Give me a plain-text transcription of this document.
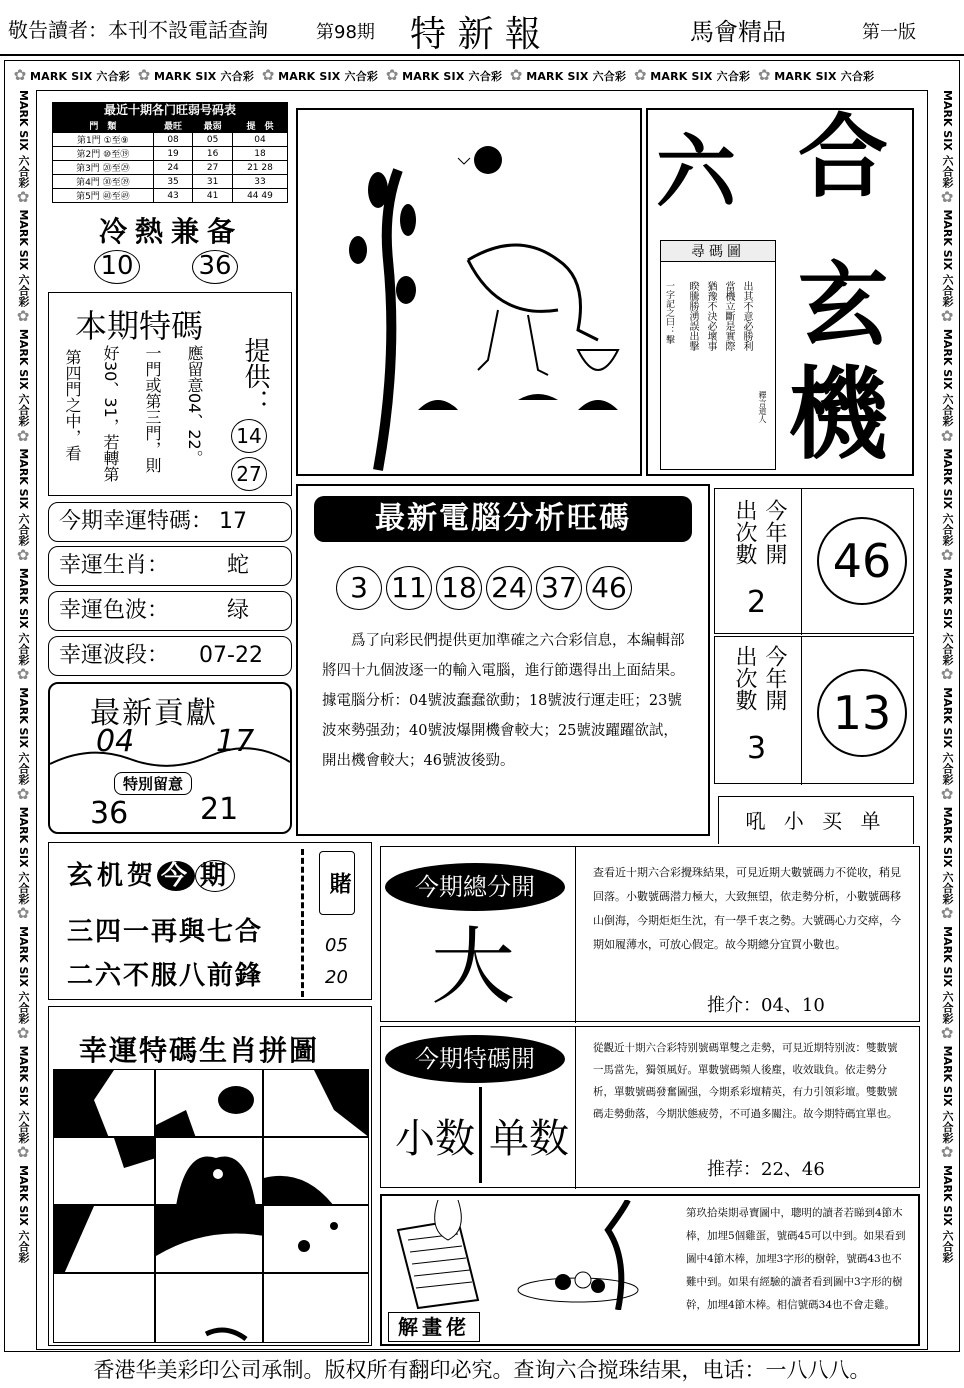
敬告讀者：本刊不設電話查詢	第98期 特 新 報	馬會精品	第一版
✿ MARK SIX 六合彩 ✿ MARK SIX 六合彩 ✿ MARK SIX 六合彩 ✿ MARK SIX 六合彩 ✿ MARK SIX 六合彩 ✿ MARK SIX 六合彩 ✿ MARK SIX 六合彩
MARK SIX 六合彩✿ MARK SIX 六合彩✿ MARK SIX 六合彩✿ MARK SIX 六合彩✿ MARK SIX 六合彩✿ MARK SIX 六合彩✿ MARK SIX 六合彩✿ MARK SIX 六合彩✿ MARK SIX 六合彩✿ MARK SIX 六合彩
MARK SIX 六合彩✿ MARK SIX 六合彩✿ MARK SIX 六合彩✿ MARK SIX 六合彩✿ MARK SIX 六合彩✿ MARK SIX 六合彩✿ MARK SIX 六合彩✿ MARK SIX 六合彩✿ MARK SIX 六合彩✿ MARK SIX 六合彩
最近十期各门旺弱号码表
門　類	最旺	最弱	提　供
第1門 ①至⑨	08	05	04
第2門 ⑩至⑲	19	16	18
第3門 ⑳至㉙	24	27	21 28
第4門 ㉚至㊴	35	31	33
第5門 ㊵至㊾	43	41	44 49
冷熱兼备
10 36
本期特碼
提供：
第四門之中，看 好30、31，若轉第 一門或第三門，則 應留意04、22。 14
27
今期幸運特碼： 17
幸運生肖：	蛇
幸運色波：	绿
幸運波段： 07-22
最新貢獻
04	17
特別留意
36 21
玄机贺 今 期
三四一再與七合
二六不服八前鋒
賭
05
20
幸運特碼生肖拼圖
六 合
玄
機
尋碼圖
一字記之曰：擊 睽騰勝湧誤出擊 猶豫不決必壞事 當機立斷是實際 出其不意必勝利
釋言道人
最新電腦分析旺碼
3 11 18 24 37 46
　　爲了向彩民們提供更加準確之六合彩信息，本編輯部將四十九個波逐一的輸入電腦，進行節選得出上面結果。據電腦分析：04號波蠢蠢欲動；18號波行運走旺；23號波來勢强劲；40號波爆開機會較大；25號波躍躍欲試，開出機會較大；46號波後勁。
今年開
出次數
2
46
今年開
出次數
3
13
吼 小 买 单
今期總分開
大
查看近十期六合彩攪珠結果，可見近期大數號碼力不從收，稍見回落。小數號碼潜力極大，大致無望，依走勢分析，小數號碼移山倒海，今期炬炬生沈，有一學千衷之勢。大號碼心力交瘁，今期如履薄水，可放心假定。故今期總分宜買小數也。
推介：04、10
今期特碼開
小数 单数
從觀近十期六合彩特别號碼單雙之走勢，可見近期特别波：雙數號一馬當先，獨領風好。單數號碼頻人後塵，收效戢負。依走勢分析，單數號碼發奮圖强，今期系彩壇精英，有力引領彩壇。雙數號碼走勢動落，今期狀態疲勞，不可過多關注。故今期特碼宜單也。
推荐：22、46
解畫佬
第玖拾柒期尋寶圖中，聰明的讀者若睇到4節木棒，加埋5個雞蛋，號碼45可以中到。如果看到圖中4節木棒，加埋3字形的樹幹，號碼43也不難中到。如果有經驗的讀者看到圖中3字形的樹幹，加埋4節木棒。相信號碼34也不會走雞。
香港华美彩印公司承制。版权所有翻印必究。查询六合搅珠结果，电话：一八八八。
